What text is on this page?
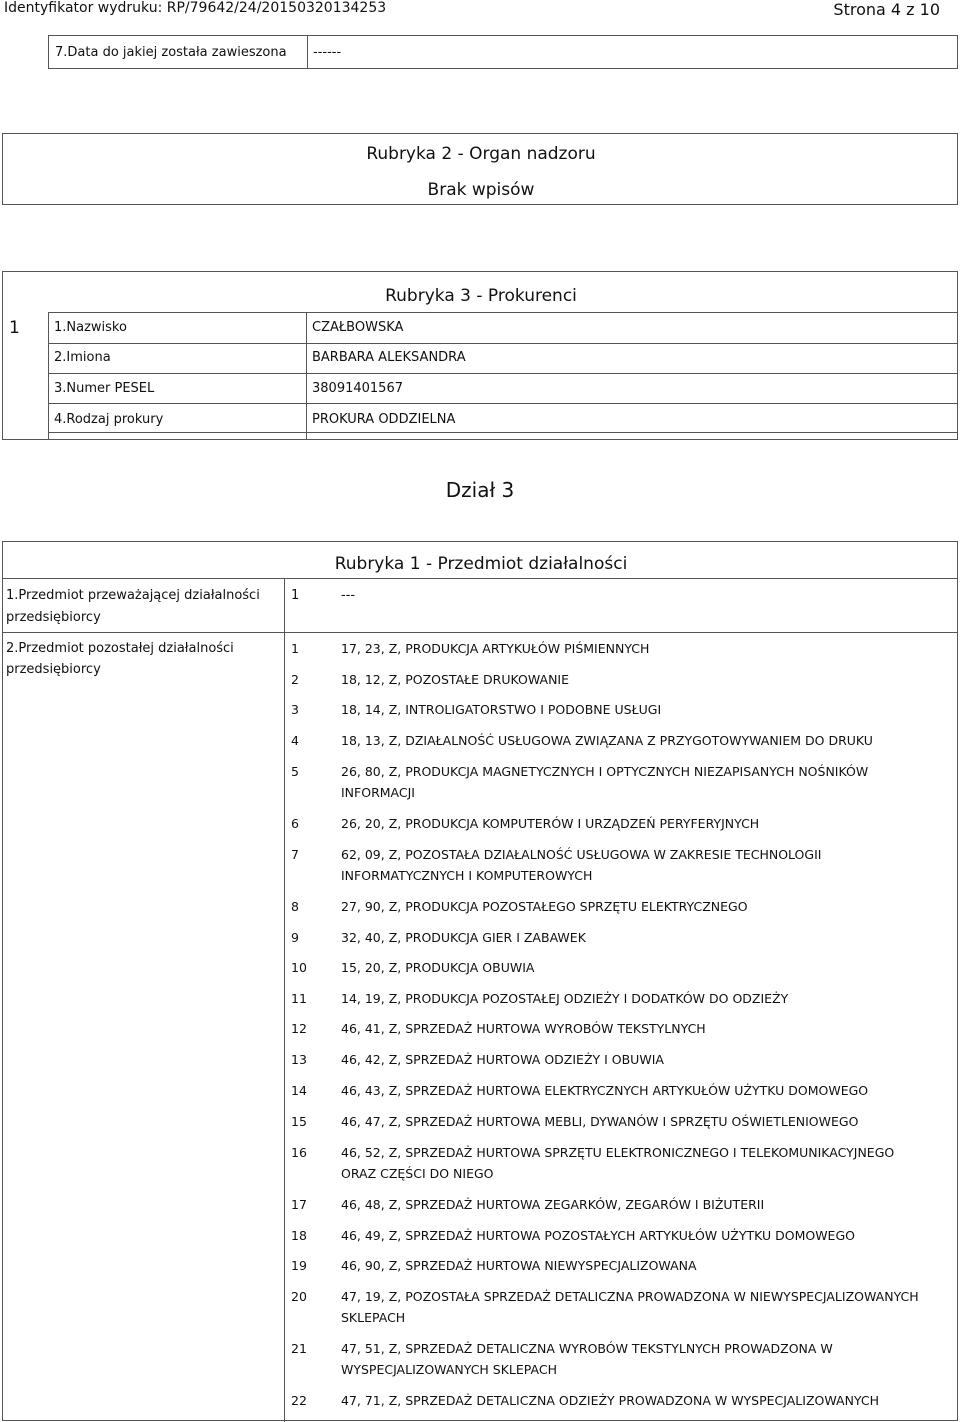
Identyfikator wydruku: RP/79642/24/20150320134253	Strona 4 z 10
7.Data do jakiej została zawieszona ------
Rubryka 2 - Organ nadzoru
Brak wpisów
Rubryka 3 - Prokurenci
1	1.Nazwisko	CZAŁBOWSKA
2.Imiona	BARBARA ALEKSANDRA
3.Numer PESEL	38091401567
4.Rodzaj prokury	PROKURA ODDZIELNA
Dział 3
Rubryka 1 - Przedmiot działalności
1.Przedmiot przeważającej działalności
przedsiębiorcy
1	---
2.Przedmiot pozostałej działalności
przedsiębiorcy
1	17, 23, Z, PRODUKCJA ARTYKUŁÓW PIŚMIENNYCH
2	18, 12, Z, POZOSTAŁE DRUKOWANIE
3	18, 14, Z, INTROLIGATORSTWO I PODOBNE USŁUGI
4	18, 13, Z, DZIAŁALNOŚĆ USŁUGOWA ZWIĄZANA Z PRZYGOTOWYWANIEM DO DRUKU
5	26, 80, Z, PRODUKCJA MAGNETYCZNYCH I OPTYCZNYCH NIEZAPISANYCH NOŚNIKÓW
INFORMACJI
6	26, 20, Z, PRODUKCJA KOMPUTERÓW I URZĄDZEŃ PERYFERYJNYCH
7	62, 09, Z, POZOSTAŁA DZIAŁALNOŚĆ USŁUGOWA W ZAKRESIE TECHNOLOGII
INFORMATYCZNYCH I KOMPUTEROWYCH
8	27, 90, Z, PRODUKCJA POZOSTAŁEGO SPRZĘTU ELEKTRYCZNEGO
9	32, 40, Z, PRODUKCJA GIER I ZABAWEK
10	15, 20, Z, PRODUKCJA OBUWIA
11	14, 19, Z, PRODUKCJA POZOSTAŁEJ ODZIEŻY I DODATKÓW DO ODZIEŻY
12	46, 41, Z, SPRZEDAŻ HURTOWA WYROBÓW TEKSTYLNYCH
13	46, 42, Z, SPRZEDAŻ HURTOWA ODZIEŻY I OBUWIA
14	46, 43, Z, SPRZEDAŻ HURTOWA ELEKTRYCZNYCH ARTYKUŁÓW UŻYTKU DOMOWEGO
15	46, 47, Z, SPRZEDAŻ HURTOWA MEBLI, DYWANÓW I SPRZĘTU OŚWIETLENIOWEGO
16	46, 52, Z, SPRZEDAŻ HURTOWA SPRZĘTU ELEKTRONICZNEGO I TELEKOMUNIKACYJNEGO
ORAZ CZĘŚCI DO NIEGO
17	46, 48, Z, SPRZEDAŻ HURTOWA ZEGARKÓW, ZEGARÓW I BIŻUTERII
18	46, 49, Z, SPRZEDAŻ HURTOWA POZOSTAŁYCH ARTYKUŁÓW UŻYTKU DOMOWEGO
19	46, 90, Z, SPRZEDAŻ HURTOWA NIEWYSPECJALIZOWANA
20	47, 19, Z, POZOSTAŁA SPRZEDAŻ DETALICZNA PROWADZONA W NIEWYSPECJALIZOWANYCH
SKLEPACH
21	47, 51, Z, SPRZEDAŻ DETALICZNA WYROBÓW TEKSTYLNYCH PROWADZONA W
WYSPECJALIZOWANYCH SKLEPACH
22	47, 71, Z, SPRZEDAŻ DETALICZNA ODZIEŻY PROWADZONA W WYSPECJALIZOWANYCH
